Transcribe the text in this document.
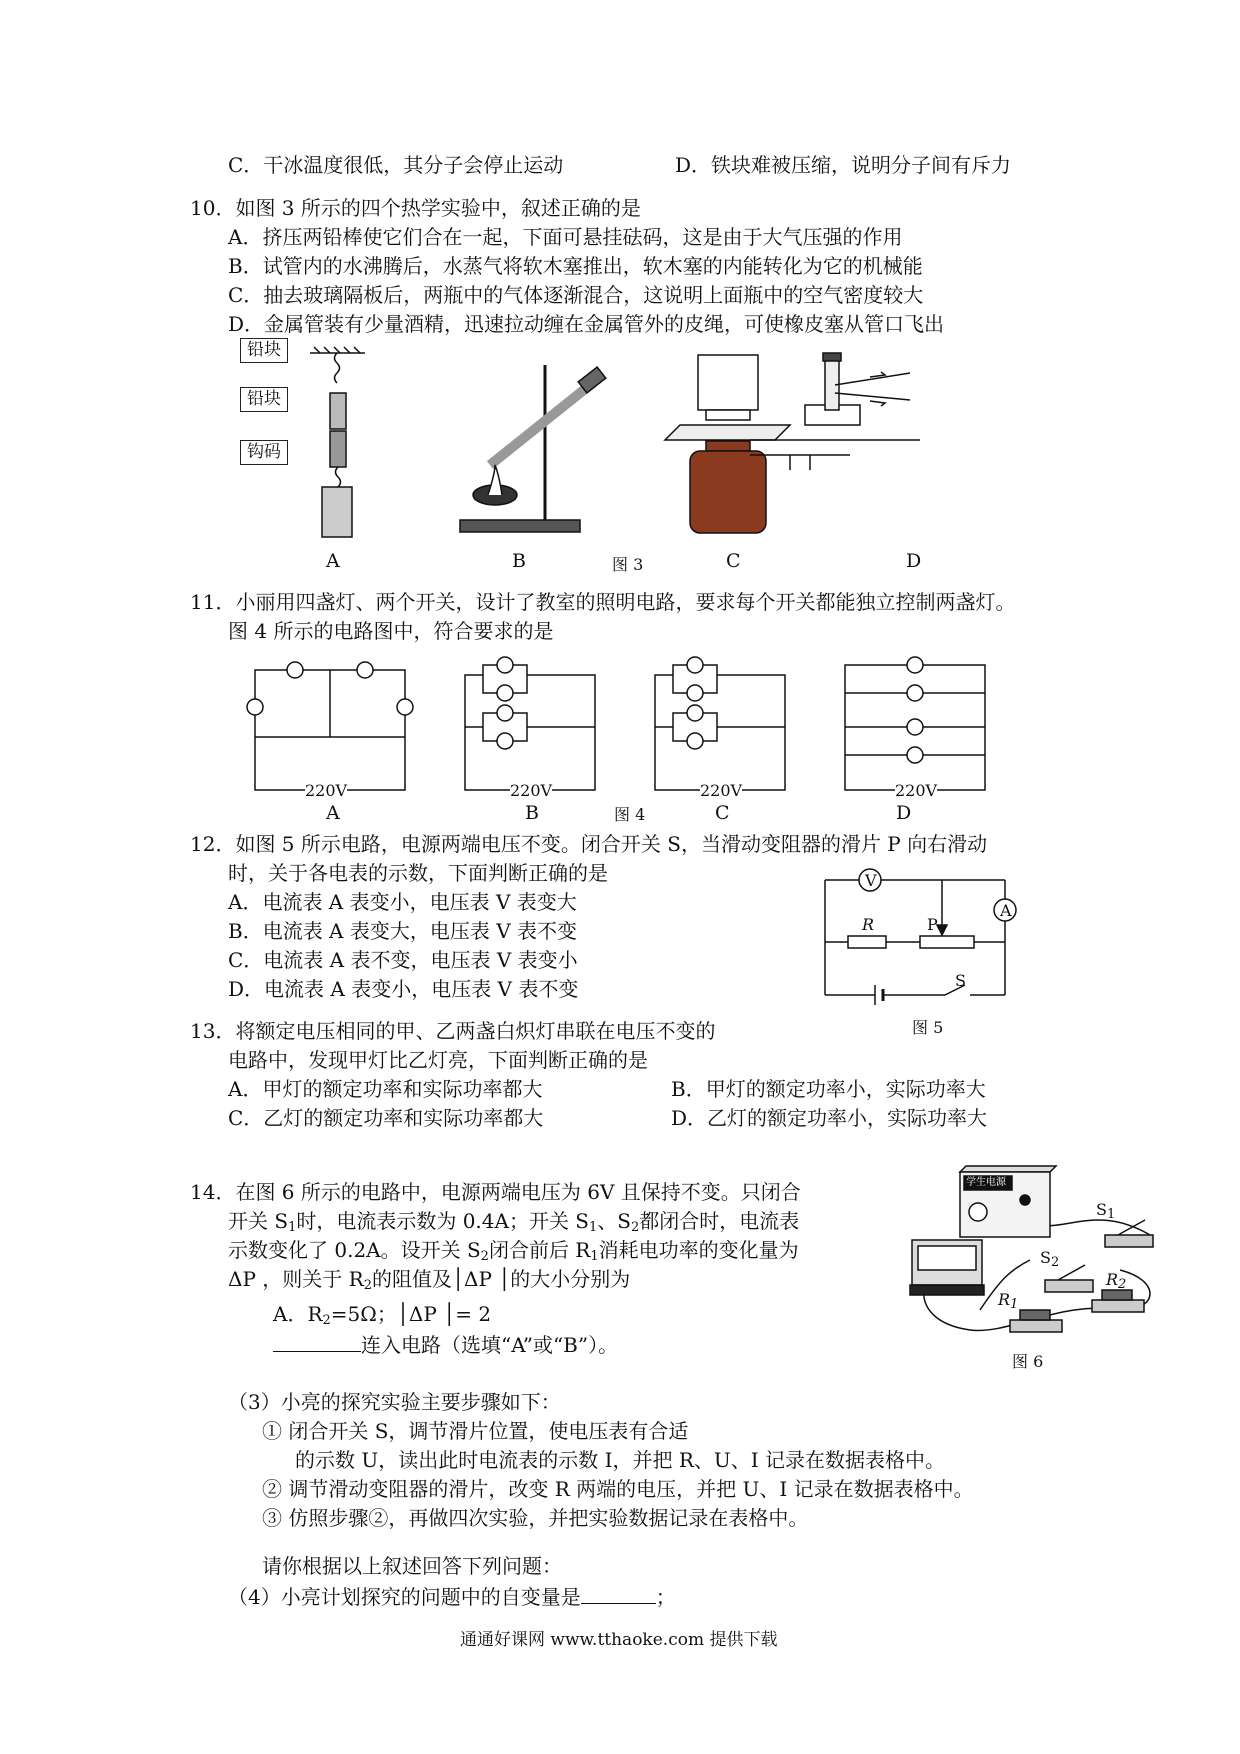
C．干冰温度很低，其分子会停止运动	D．铁块难被压缩，说明分子间有斥力
10．如图 3 所示的四个热学实验中，叙述正确的是
A．挤压两铅棒使它们合在一起，下面可悬挂砝码，这是由于大气压强的作用
B．试管内的水沸腾后，水蒸气将软木塞推出，软木塞的内能转化为它的机械能
C．抽去玻璃隔板后，两瓶中的气体逐渐混合，这说明上面瓶中的空气密度较大
D．金属管装有少量酒精，迅速拉动缠在金属管外的皮绳，可使橡皮塞从管口飞出
铅块
铅块
钩码
A	B	图 3	C	D
11．小丽用四盏灯、两个开关，设计了教室的照明电路，要求每个开关都能独立控制两盏灯。
图 4 所示的电路图中，符合要求的是
220V	220V	220V	220V
A	B	图 4	C	D
12．如图 5 所示电路，电源两端电压不变。闭合开关 S，当滑动变阻器的滑片 P 向右滑动
时，关于各电表的示数，下面判断正确的是
A．电流表 A 表变小，电压表 V 表变大
B．电流表 A 表变大，电压表 V 表不变
C．电流表 A 表不变，电压表 V 表变小
D．电流表 A 表变小，电压表 V 表不变
V
A
R	P
S
图 5
13．将额定电压相同的甲、乙两盏白炽灯串联在电压不变的
电路中，发现甲灯比乙灯亮，下面判断正确的是
A．甲灯的额定功率和实际功率都大	B．甲灯的额定功率小，实际功率大
C．乙灯的额定功率和实际功率都大	D．乙灯的额定功率小，实际功率大
14．在图 6 所示的电路中，电源两端电压为 6V 且保持不变。只闭合
开关 $S_1$时，电流表示数为 0.4A；开关 $S_1$、$S_2$都闭合时，电流表
示数变化了 0.2A。设开关 $S_2$闭合前后 $R_1$消耗电功率的变化量为
ΔP ，则关于 $R_2$的阻值及│ΔP │的大小分别为
A．$R_2=5\Omega$；│ΔP │= 2
连入电路（选填“A”或“B”）。
学生电源
$S_1$
$S_2$
$R_1$
$R_2$
图 6
（3）小亮的探究实验主要步骤如下：
① 闭合开关 S，调节滑片位置，使电压表有合适
的示数 U，读出此时电流表的示数 I，并把 R、U、I 记录在数据表格中。
② 调节滑动变阻器的滑片，改变 R 两端的电压，并把 U、I 记录在数据表格中。
③ 仿照步骤②，再做四次实验，并把实验数据记录在表格中。
请你根据以上叙述回答下列问题：
（4）小亮计划探究的问题中的自变量是	；
通通好课网 www.tthaoke.com 提供下载
